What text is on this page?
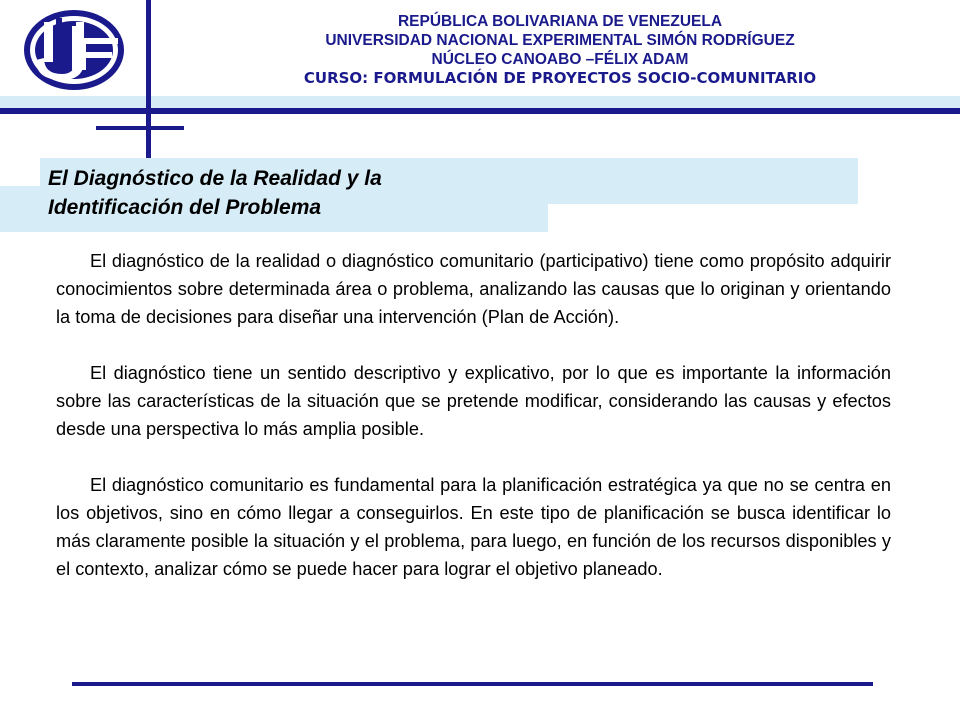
REPÚBLICA BOLIVARIANA DE VENEZUELA
UNIVERSIDAD NACIONAL EXPERIMENTAL SIMÓN RODRÍGUEZ
NÚCLEO CANOABO –FÉLIX ADAM
CURSO: FORMULACIÓN DE PROYECTOS SOCIO-COMUNITARIO
El Diagnóstico de la Realidad y la
Identificación del Problema

El diagnóstico de la realidad o diagnóstico comunitario (participativo) tiene como propósito adquirir conocimientos sobre determinada área o problema, analizando las causas que lo originan y orientando la toma de decisiones para diseñar una intervención (Plan de Acción).

El diagnóstico tiene un sentido descriptivo y explicativo, por lo que es importante la información sobre las características de la situación que se pretende modificar, considerando las causas y efectos desde una perspectiva lo más amplia posible.

El diagnóstico comunitario es fundamental para la planificación estratégica ya que no se centra en los objetivos, sino en cómo llegar a conseguirlos. En este tipo de planificación se busca identificar lo más claramente posible la situación y el problema, para luego, en función de los recursos disponibles y el contexto, analizar cómo se puede hacer para lograr el objetivo planeado.
